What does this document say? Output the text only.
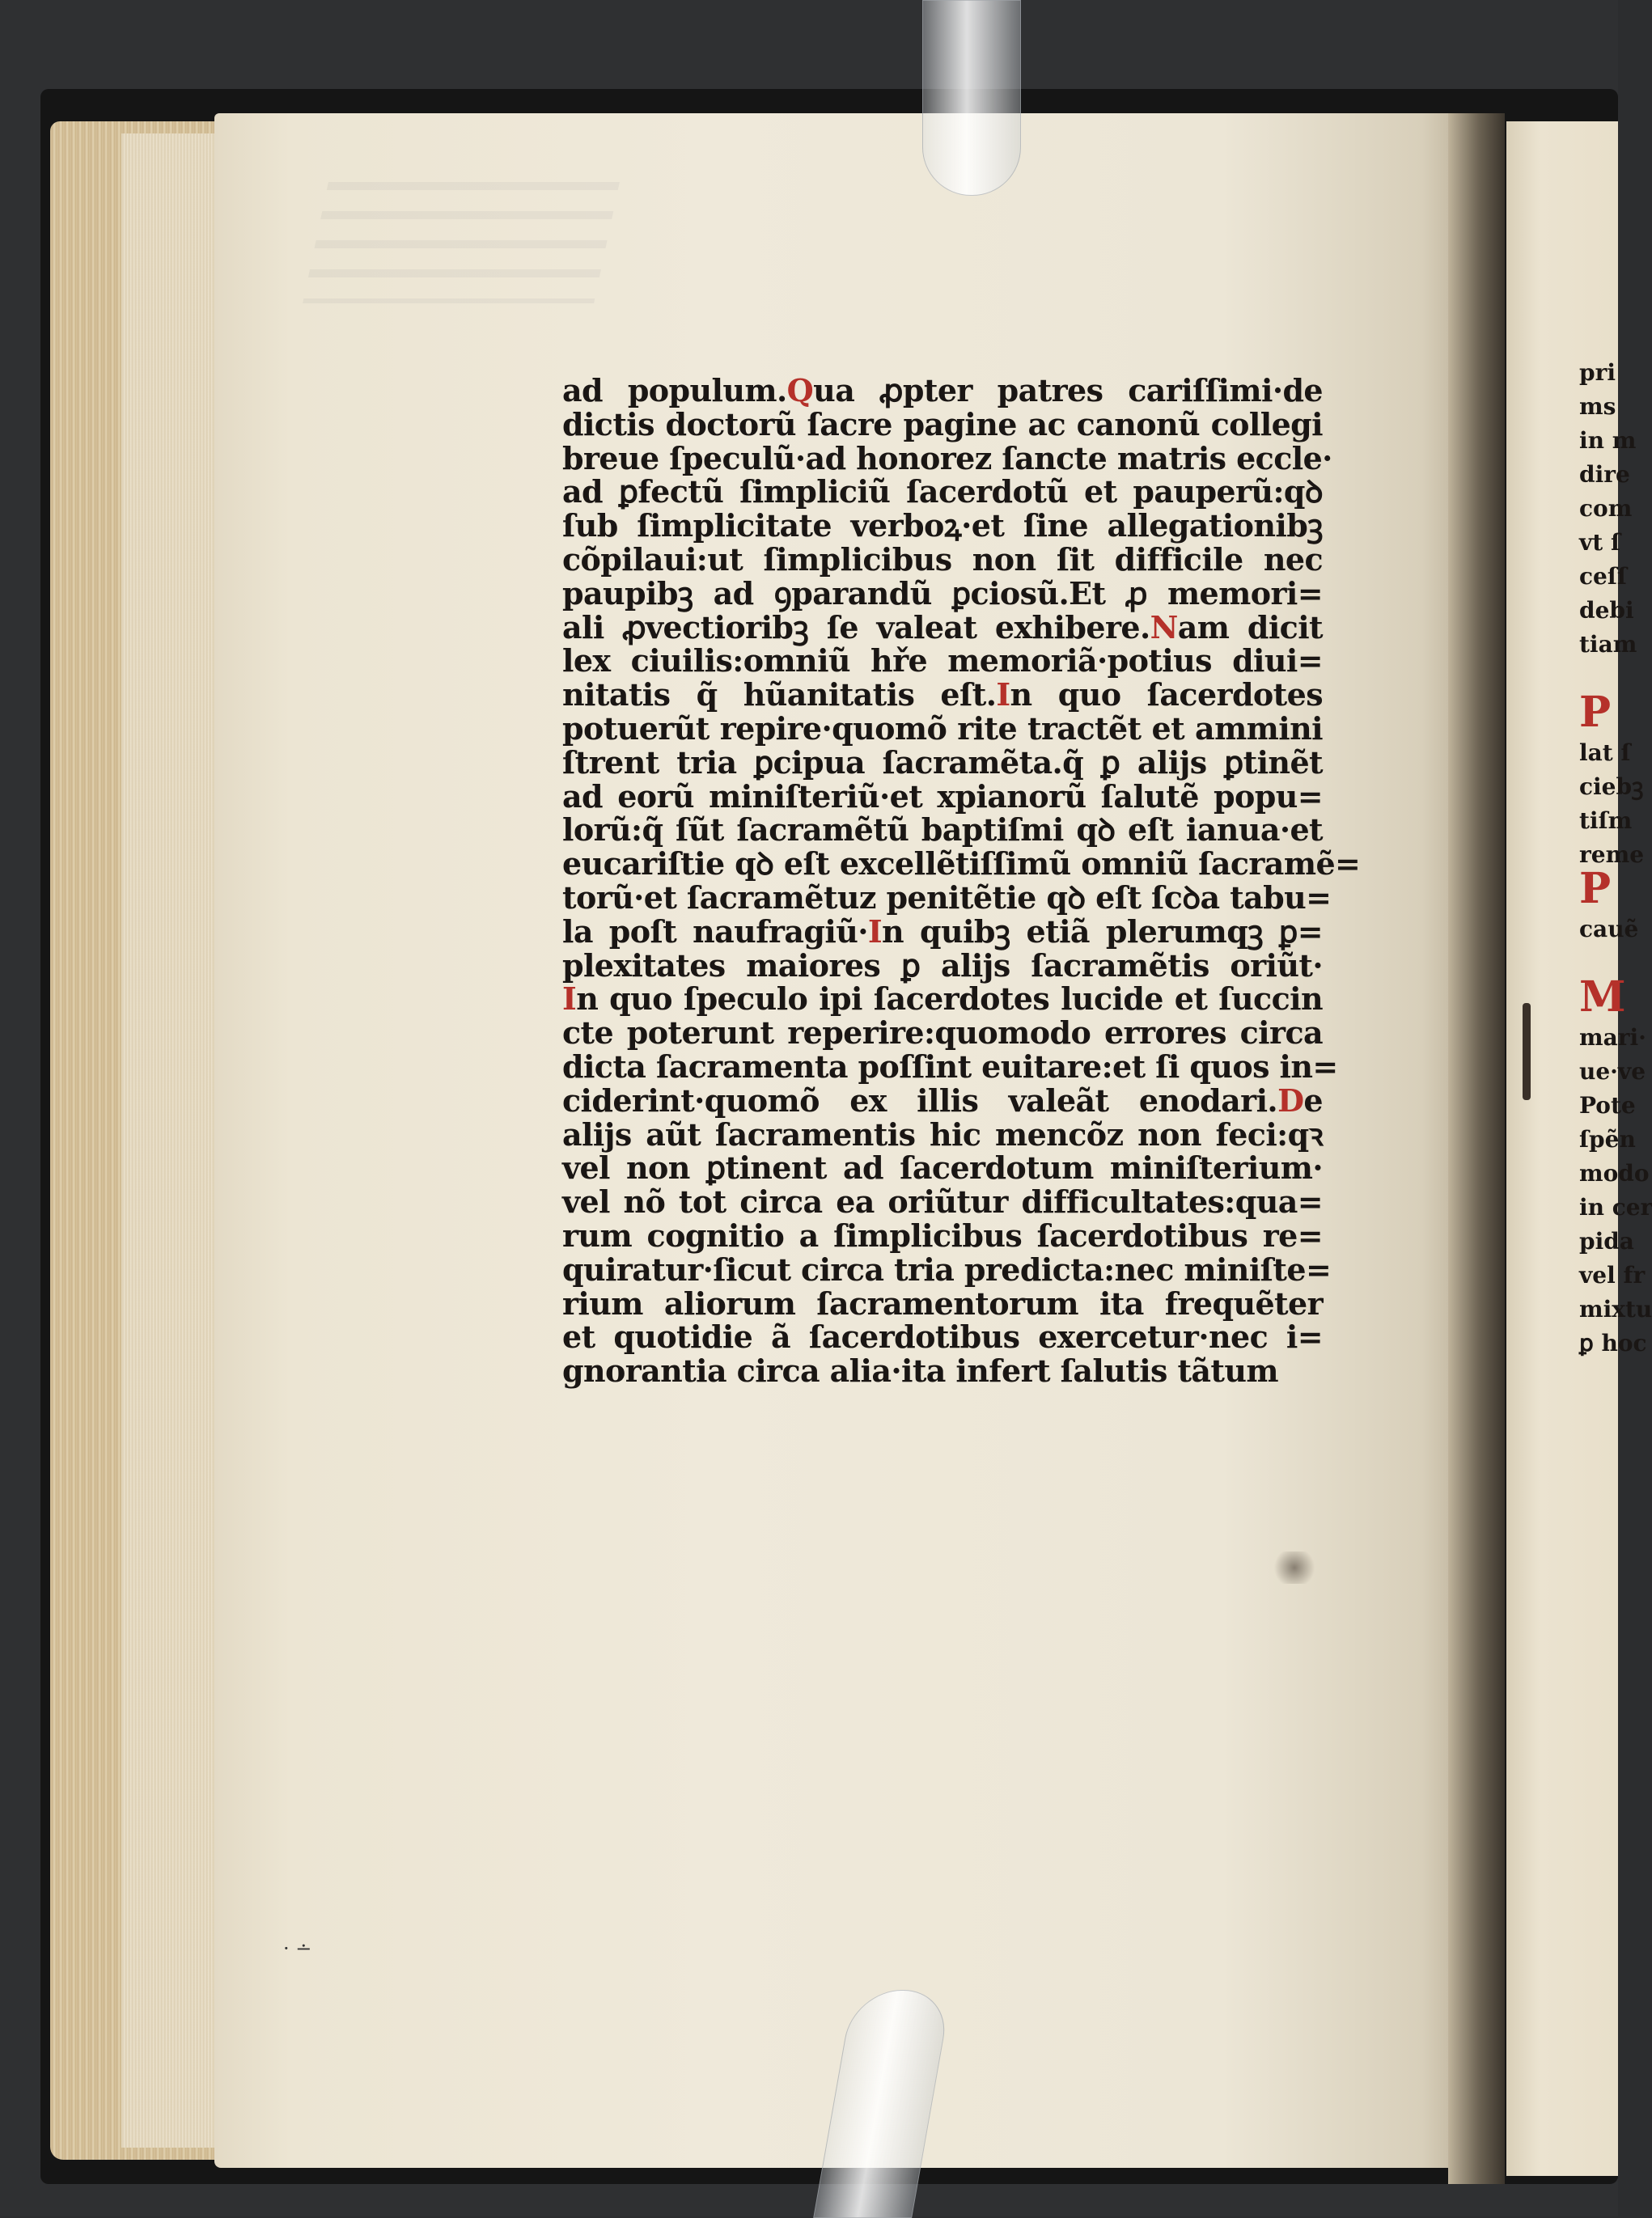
· ∸
ad populum.Qua ꝓpter patres cariſſimi·de
dictis doctorũ ſacre pagine ac canonũ collegi
breue ſpeculũ·ad honorez ſancte matris eccle·
ad ꝑfectũ ſimpliciũ ſacerdotũ et pauperũ:qꝺ
ſub ſimplicitate verboꝝ·et ſine allegationibꝫ
cõpilaui:ut ſimplicibus non ſit difficile nec
paupibꝫ ad ꝯparandũ ꝑciosũ.Et ꝓ memori=
ali ꝓvectioribꝫ ſe valeat exhibere.Nam dicit
lex ciuilis:omniũ hře memoriã·potius diui=
nitatis q̃ hũanitatis eſt.In quo ſacerdotes
potuerũt repire·quomõ rite tractẽt et ammini
ſtrent tria ꝑcipua ſacramẽta.q̃ ꝑ alijs ꝑtinẽt
ad eorũ miniſteriũ·et xpianorũ ſalutẽ popu=
lorũ:q̃ ſũt ſacramẽtũ baptiſmi qꝺ eſt ianua·et
eucariſtie qꝺ eſt excellẽtiſſimũ omniũ ſacramẽ=
torũ·et ſacramẽtuz penitẽtie qꝺ eſt ſcꝺa tabu=
la poſt naufragiũ·In quibꝫ etiã plerumqꝫ ꝑ=
plexitates maiores ꝑ alijs ſacramẽtis oriũt·
In quo ſpeculo ipi ſacerdotes lucide et ſuccin
cte poterunt reperire:quomodo errores circa
dicta ſacramenta poſſint euitare:et ſi quos in=
ciderint·quomõ ex illis valeãt enodari.De
alijs aũt ſacramentis hic mencõz non feci:qꝛ
vel non ꝑtinent ad ſacerdotum miniſterium·
vel nõ tot circa ea oriũtur difficultates:qua=
rum cognitio a ſimplicibus ſacerdotibus re=
quiratur·ſicut circa tria predicta:nec miniſte=
rium aliorum ſacramentorum ita frequẽter
et quotidie ã ſacerdotibus exercetur·nec i=
gnorantia circa alia·ita infert ſalutis tãtum
pri
ms
in m
dire
com
vt ſ
ceſſ
debi
tiam

P
lat ſ
ciebꝫ
tiſm
reme
P
cauẽ

M
mari·
ue·ve
Pote
ſpẽn
modo
in cer
pida
vel fr
mixtu
ꝑ hoc
